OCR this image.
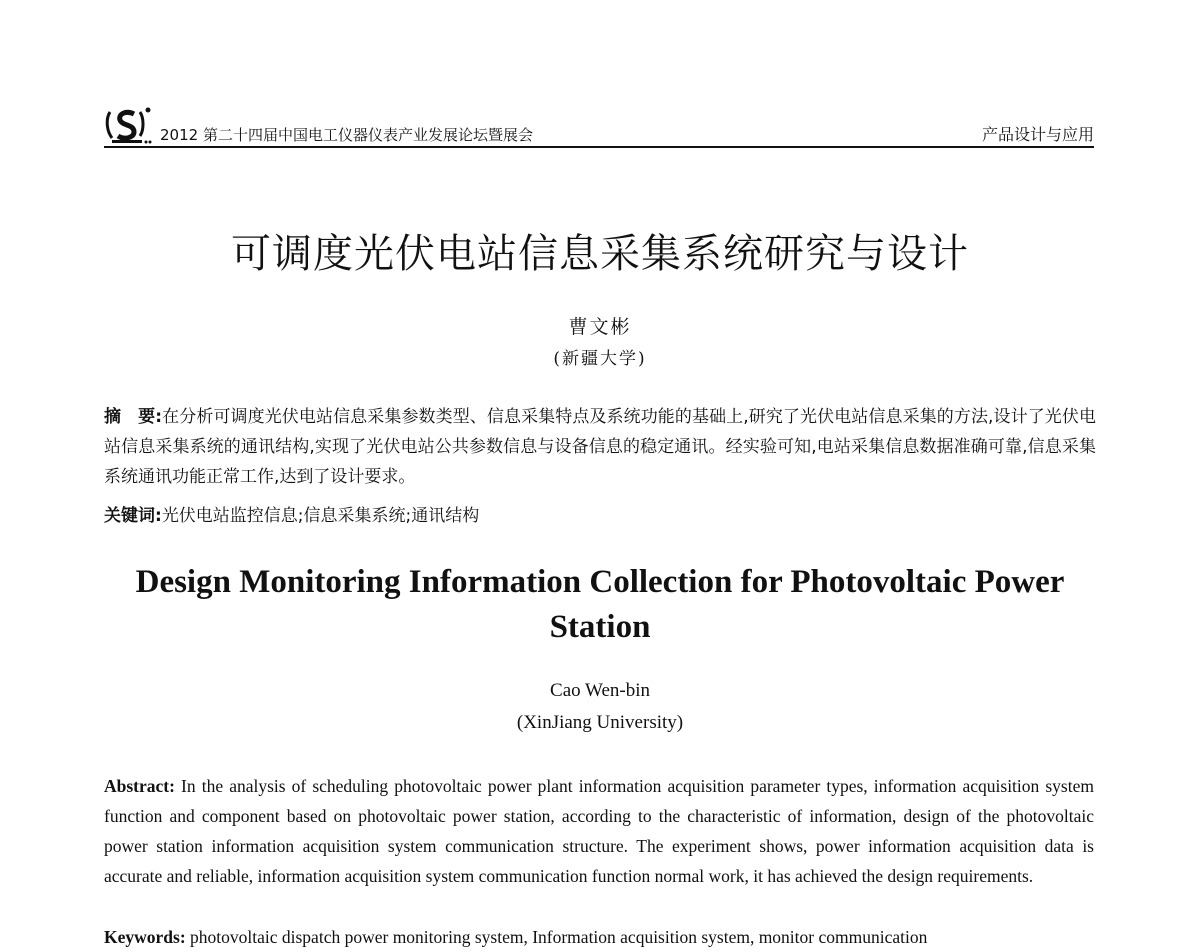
2012 第二十四届中国电工仪器仪表产业发展论坛暨展会	产品设计与应用
可调度光伏电站信息采集系统研究与设计
曹文彬
(新疆大学)
摘　要:在分析可调度光伏电站信息采集参数类型、信息采集特点及系统功能的基础上,研究了光伏电站信息采集的方法,设计了光伏电站信息采集系统的通讯结构,实现了光伏电站公共参数信息与设备信息的稳定通讯。经实验可知,电站采集信息数据准确可靠,信息采集系统通讯功能正常工作,达到了设计要求。
关键词:光伏电站监控信息;信息采集系统;通讯结构
Design Monitoring Information Collection for Photovoltaic Power Station
Cao Wen-bin
(XinJiang University)
Abstract: In the analysis of scheduling photovoltaic power plant information acquisition parameter types, information acquisition system function and component based on photovoltaic power station, according to the characteristic of information, design of the photovoltaic power station information acquisition system communication structure. The experiment shows, power information acquisition data is accurate and reliable, information acquisition system communication function normal work, it has achieved the design requirements.
Keywords: photovoltaic dispatch power monitoring system, Information acquisition system, monitor communication
